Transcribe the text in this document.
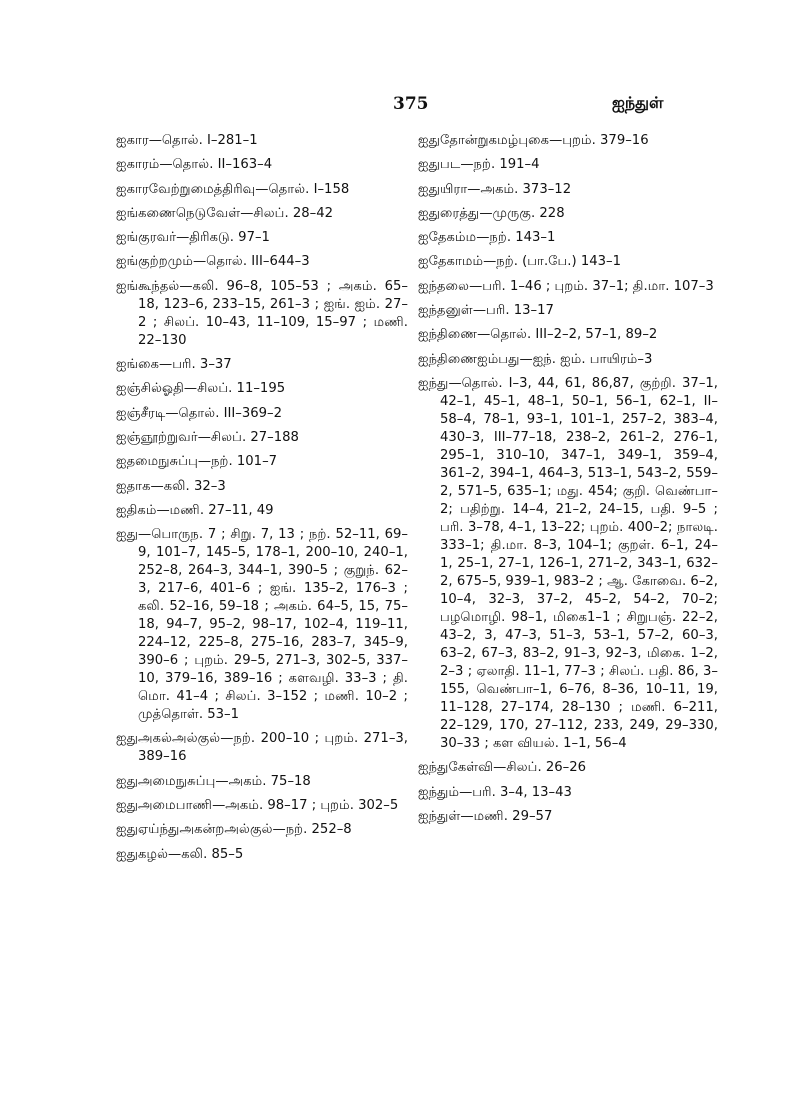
375	ஐந்துள்
ஐகார—தொல். I–281–1
ஐகாரம்—தொல். II–163–4
ஐகாரவேற்றுமைத்திரிவு—தொல். I–158
ஐங்கணைநெடுவேள்—சிலப். 28–42
ஐங்குரவர்—திரிகடு. 97–1
ஐங்குற்றமும்—தொல். III–644–3
ஐங்கூந்தல்—கலி. 96–8, 105–53 ; அகம். 65–18, 123–6, 233–15, 261–3 ; ஐங். ஐம். 27–2 ; சிலப். 10–43, 11–109, 15–97 ; மணி. 22–130
ஐங்கை—பரி. 3–37
ஐஞ்சில்ஓதி—சிலப். 11–195
ஐஞ்சீரடி—தொல். III–369–2
ஐஞ்ஞூற்றுவர்—சிலப். 27–188
ஐதமைநுசுப்பு—நற். 101–7
ஐதாக—கலி. 32–3
ஐதிகம்—மணி. 27–11, 49
ஐது—பொருந. 7 ; சிறு. 7, 13 ; நற். 52–11, 69–9, 101–7, 145–5, 178–1, 200–10, 240–1, 252–8, 264–3, 344–1, 390–5 ; குறுந். 62–3, 217–6, 401–6 ; ஐங். 135–2, 176–3 ; கலி. 52–16, 59–18 ; அகம். 64–5, 15, 75–18, 94–7, 95–2, 98–17, 102–4, 119–11, 224–12, 225–8, 275–16, 283–7, 345–9, 390–6 ; புறம். 29–5, 271–3, 302–5, 337–10, 379–16, 389–16 ; களவழி. 33–3 ; தி. மொ. 41–4 ; சிலப். 3–152 ; மணி. 10–2 ; முத்தொள். 53–1
ஐதுஅகல்அல்குல்—நற். 200–10 ; புறம். 271–3, 389–16
ஐதுஅமைநுசுப்பு—அகம். 75–18
ஐதுஅமைபாணி—அகம். 98–17 ; புறம். 302–5
ஐதுஏய்ந்துஅகன்றஅல்குல்—நற். 252–8
ஐதுகழல்—கலி. 85–5
ஐதுதோன்றுகமழ்புகை—புறம். 379–16
ஐதுபட—நற். 191–4
ஐதுயிரா—அகம். 373–12
ஐதுரைத்து—முருகு. 228
ஐதேகம்ம—நற். 143–1
ஐதேகாமம்—நற். (பா.பே.) 143–1
ஐந்தலை—பரி. 1–46 ; புறம். 37–1; தி.மா. 107–3
ஐந்தனுள்—பரி. 13–17
ஐந்திணை—தொல். III–2–2, 57–1, 89–2
ஐந்திணைஐம்பது—ஐந். ஐம். பாயிரம்–3
ஐந்து—தொல். I–3, 44, 61, 86,87, குற்றி. 37–1, 42–1, 45–1, 48–1, 50–1, 56–1, 62–1, II–58–4, 78–1, 93–1, 101–1, 257–2, 383–4, 430–3, III–77–18, 238–2, 261–2, 276–1, 295–1, 310–10, 347–1, 349–1, 359–4, 361–2, 394–1, 464–3, 513–1, 543–2, 559–2, 571–5, 635–1; மது. 454; குறி. வெண்பா–2; பதிற்று. 14–4, 21–2, 24–15, பதி. 9–5 ; பரி. 3–78, 4–1, 13–22; புறம். 400–2; நாலடி. 333–1; தி.மா. 8–3, 104–1; குறள். 6–1, 24–1, 25–1, 27–1, 126–1, 271–2, 343–1, 632–2, 675–5, 939–1, 983–2 ; ஆ. கோவை. 6–2, 10–4, 32–3, 37–2, 45–2, 54–2, 70–2; பழமொழி. 98–1, மிகை1–1 ; சிறுபஞ். 22–2, 43–2, 3, 47–3, 51–3, 53–1, 57–2, 60–3, 63–2, 67–3, 83–2, 91–3, 92–3, மிகை. 1–2, 2–3 ; ஏலாதி. 11–1, 77–3 ; சிலப். பதி. 86, 3–155, வெண்பா–1, 6–76, 8–36, 10–11, 19, 11–128, 27–174, 28–130 ; மணி. 6–211, 22–129, 170, 27–112, 233, 249, 29–330, 30–33 ; கள வியல். 1–1, 56–4
ஐந்துகேள்வி—சிலப். 26–26
ஐந்தும்—பரி. 3–4, 13–43
ஐந்துள்—மணி. 29–57
